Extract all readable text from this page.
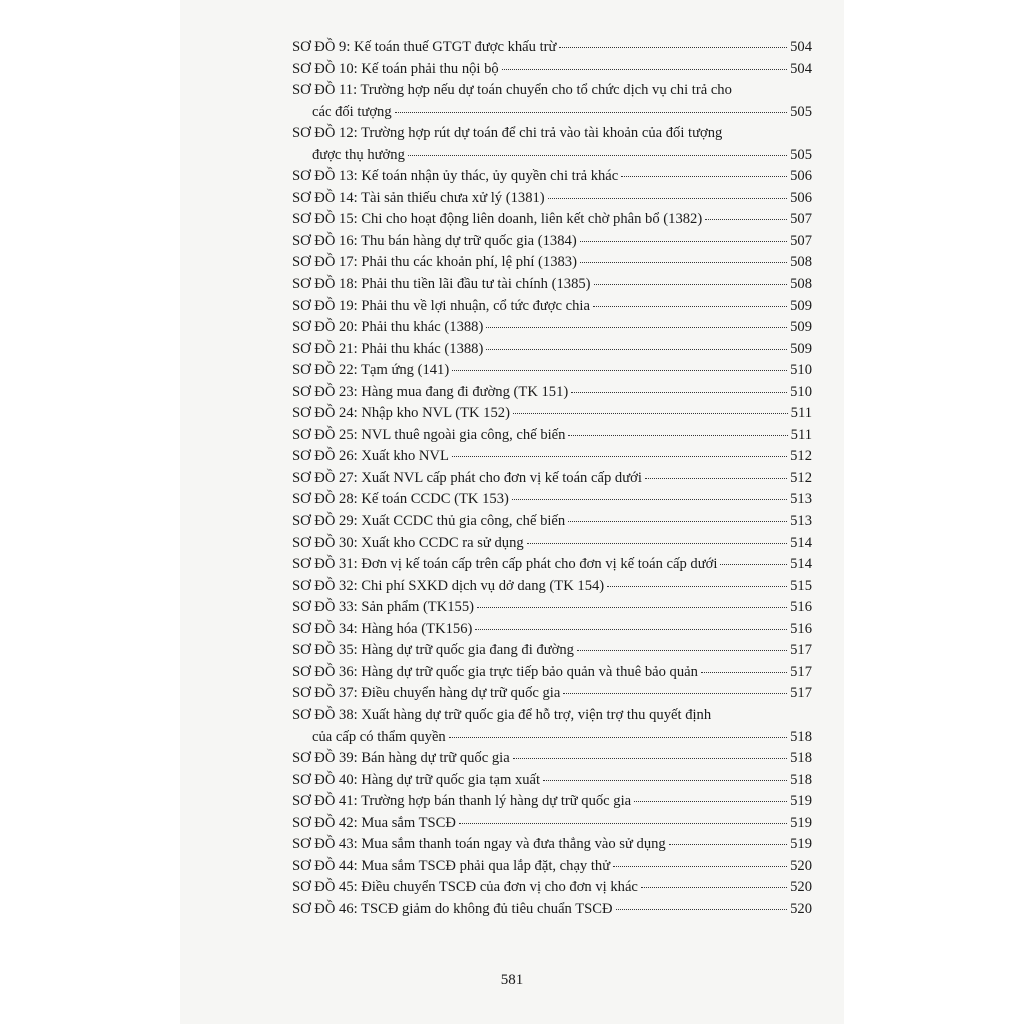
SƠ ĐỒ 9: Kế toán thuế GTGT được khấu trừ	504
SƠ ĐỒ 10: Kế toán phải thu nội bộ	504
SƠ ĐỒ 11: Trường hợp nếu dự toán chuyển cho tổ chức dịch vụ chi trả cho
các đối tượng	505
SƠ ĐỒ 12: Trường hợp rút dự toán để chi trả vào tài khoản của đối tượng
được thụ hưởng	505
SƠ ĐỒ 13: Kế toán nhận ủy thác, ủy quyền chi trả khác	506
SƠ ĐỒ 14: Tài sản thiếu chưa xử lý (1381)	506
SƠ ĐỒ 15: Chi cho hoạt động liên doanh, liên kết chờ phân bổ (1382)	507
SƠ ĐỒ 16: Thu bán hàng dự trữ quốc gia (1384)	507
SƠ ĐỒ 17: Phải thu các khoản phí, lệ phí (1383)	508
SƠ ĐỒ 18: Phải thu tiền lãi đầu tư tài chính (1385)	508
SƠ ĐỒ 19: Phải thu về lợi nhuận, cổ tức được chia	509
SƠ ĐỒ 20: Phải thu khác (1388)	509
SƠ ĐỒ 21: Phải thu khác (1388)	509
SƠ ĐỒ 22: Tạm ứng (141)	510
SƠ ĐỒ 23: Hàng mua đang đi đường (TK 151)	510
SƠ ĐỒ 24: Nhập kho NVL (TK 152)	511
SƠ ĐỒ 25: NVL thuê ngoài gia công, chế biến	511
SƠ ĐỒ 26: Xuất kho NVL	512
SƠ ĐỒ 27: Xuất NVL cấp phát cho đơn vị kế toán cấp dưới	512
SƠ ĐỒ 28: Kế toán CCDC (TK 153)	513
SƠ ĐỒ 29: Xuất CCDC thủ gia công, chế biến	513
SƠ ĐỒ 30: Xuất kho CCDC ra sử dụng	514
SƠ ĐỒ 31: Đơn vị kế toán cấp trên cấp phát cho đơn vị kế toán cấp dưới	514
SƠ ĐỒ 32: Chi phí SXKD dịch vụ dở dang (TK 154)	515
SƠ ĐỒ 33: Sản phẩm (TK155)	516
SƠ ĐỒ 34: Hàng hóa (TK156)	516
SƠ ĐỒ 35: Hàng dự trữ quốc gia đang đi đường	517
SƠ ĐỒ 36: Hàng dự trữ quốc gia trực tiếp bảo quản và thuê bảo quản	517
SƠ ĐỒ 37: Điều chuyển hàng dự trữ quốc gia	517
SƠ ĐỒ 38: Xuất hàng dự trữ quốc gia để hỗ trợ, viện trợ thu quyết định
của cấp có thẩm quyền	518
SƠ ĐỒ 39: Bán hàng dự trữ quốc gia	518
SƠ ĐỒ 40: Hàng dự trữ quốc gia tạm xuất	518
SƠ ĐỒ 41: Trường hợp bán thanh lý hàng dự trữ quốc gia	519
SƠ ĐỒ 42: Mua sắm TSCĐ	519
SƠ ĐỒ 43: Mua sắm thanh toán ngay và đưa thẳng vào sử dụng	519
SƠ ĐỒ 44: Mua sắm TSCĐ phải qua lắp đặt, chạy thử	520
SƠ ĐỒ 45: Điều chuyển TSCĐ của đơn vị cho đơn vị khác	520
SƠ ĐỒ 46: TSCĐ giảm do không đủ tiêu chuẩn TSCĐ	520
581
